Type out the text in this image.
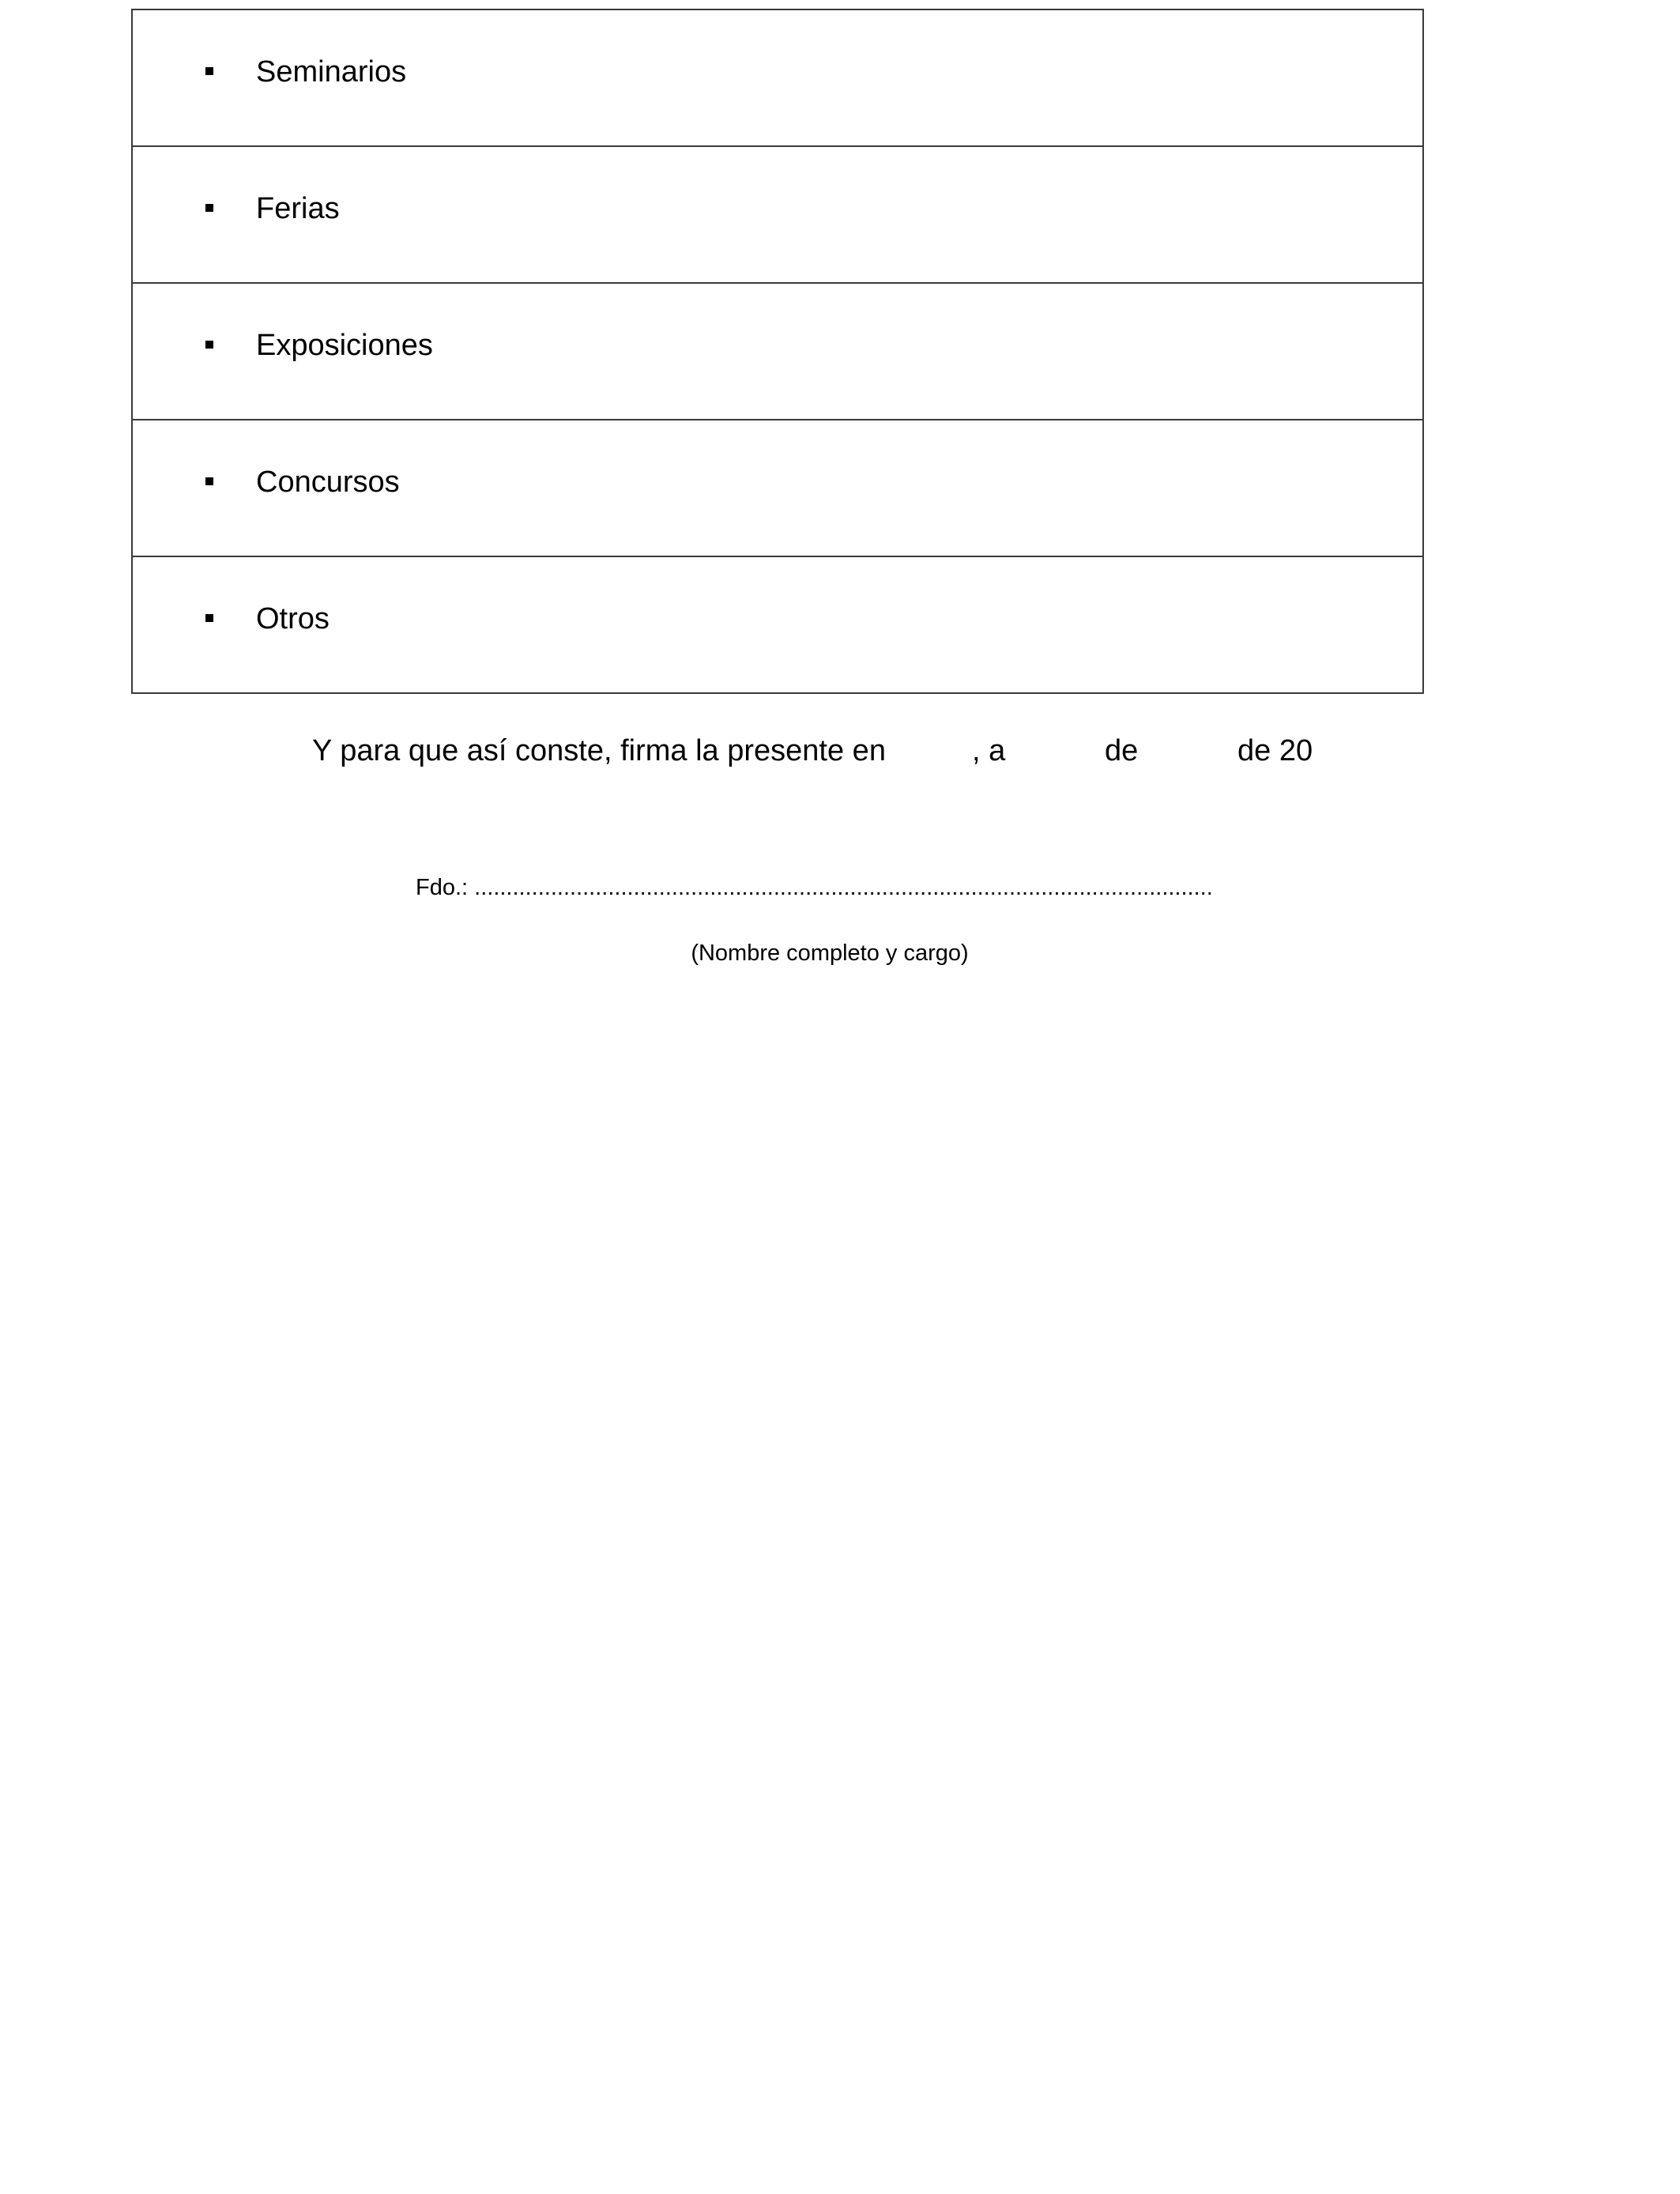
Seminarios
Ferias
Exposiciones
Concursos
Otros
Y para que así conste, firma la presente en	, a	de	de 20
Fdo.: ....................................................................................................................
(Nombre completo y cargo)
